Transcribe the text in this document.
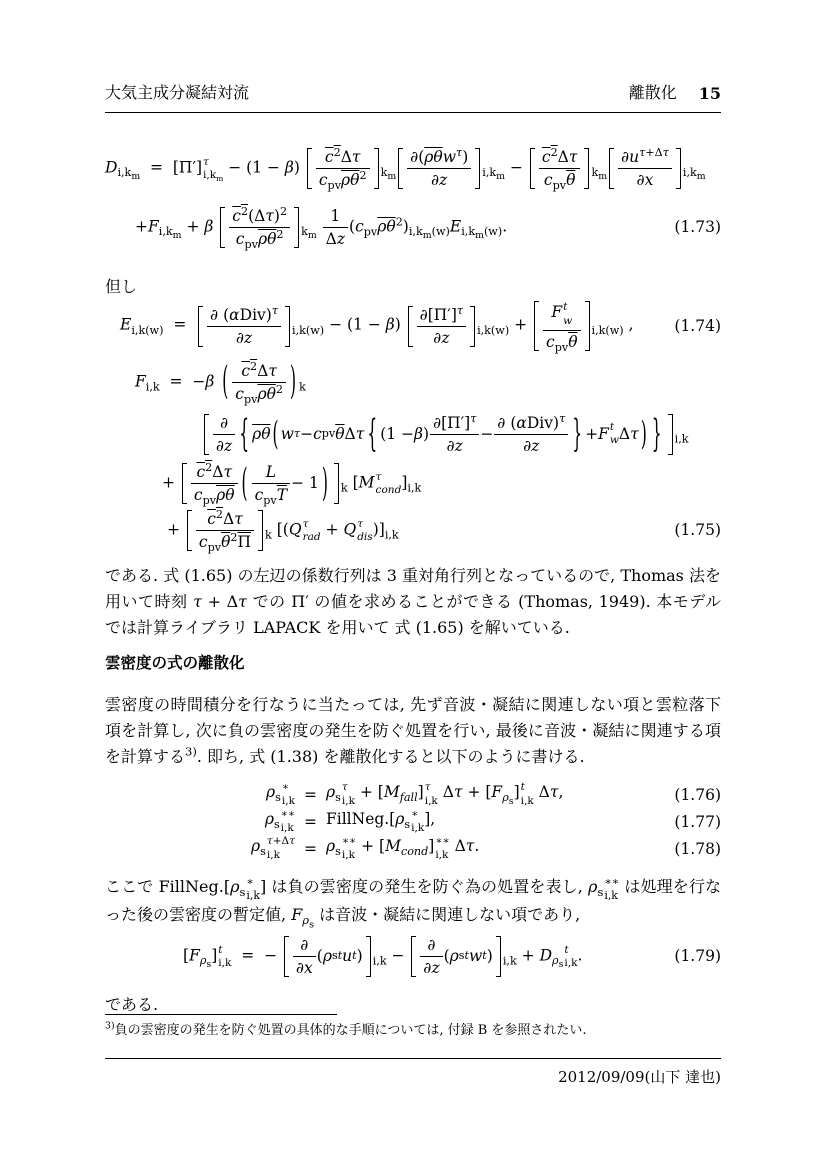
大気主成分凝結対流	離散化 15
$D_{i,k_m} = [\Pi']\tau$
$i,k_m - (1 - \beta)$
$c^2\Delta\tau$
$c_{pv}\overline{\rho}\overline{\theta}^2$ $_{k_m}$
$\partial(\overline{\rho}\overline{\theta}w^\tau)$
∂z	$_{i,k_m}$ −
$c^2\Delta\tau$
$c_{pv}\overline{\theta}$	$_{k_m}$
$\partial u^{\tau+\Delta\tau}$
∂x	$_{i,k_m}$
$+F_{i,k_m} + \beta$
$c^2(\Delta\tau)^2$
$c_{pv}\overline{\rho}\overline{\theta}^2$	$_{k_m} \frac{1}{\Delta z} (c_{pv}\overline{\rho}\overline{\theta}^2)_{i,k_m(w)}E_{i,k_m(w)}$.	(1.73)
但し
$E_{i,k(w)}$  =
∂ $(\alpha Div)^\tau$
∂z	$_{i,k(w)}$ − (1 − β)
$\partial[\Pi']^\tau$
∂z	$_{i,k(w)}$ +
Ft
w
$c_{pv}\overline{\theta}$
$_{i,k(w)}$ ,	(1.74)
$F_{i,k} = -\beta$ ( $c^2\Delta\tau$
$c_{pv}\overline{\rho}\overline{\theta}^2$ ) $_k$
∂
∂z { $\overline{\rho}$ $\overline{\theta}$ ( w τ − c pv $\overline{\theta}$ Δ τ { (1 − β )
$\partial[\Pi']^\tau$
∂z
−
∂ $(\alpha Div)^\tau$
∂z	} + F t
w Δ τ ) } $_{i,k}$
+
$c^2\Delta\tau$
$c_{pv}\overline{\rho}\overline{\theta}$ (	L
$c_{pv}\overline{T}$
− 1 ) $_k$ [Mτ
$cond]_{i,k}$
+
$c^2\Delta\tau$
$c_{pv}\overline{\theta}^2\overline{\Pi}$ $_k$ [(Qτ
rad + Qτ
$dis)]_{i,k}$	(1.75)
である. 式 (1.65) の左辺の係数行列は 3 重対角行列となっているので, Thomas 法を用いて時刻 τ + Δτ での Π′ の値を求めることができる (Thomas, 1949). 本モデルでは計算ライブラリ LAPACK を用いて 式 (1.65) を解いている.
雲密度の式の離散化
雲密度の時間積分を行なうに当たっては, 先ず音波・凝結に関連しない項と雲粒落下項を計算し, 次に負の雲密度の発生を防ぐ処置を行い, 最後に音波・凝結に関連する項を計算する$^{3)}$. 即ち, 式 (1.38) を離散化すると以下のように書ける.
$\rho_s∗$
$i,k = \rho_s\tau$
$i,k + [M_{fall}]\tau$
i,k $\Delta\tau + [F_{\rho_s}]t$
i,k Δτ,	(1.76)
$\rho_s∗∗$
$i,k = FillNeg.[\rho_s∗$
i,k],	(1.77)
$\rho_s\tau+\Delta\tau$
i,k	= $\rho_s∗∗$
$i,k + [M_{cond}]∗∗$
i,k Δτ.	(1.78)
ここで $FillNeg.[\rho_s∗$
i,k] は負の雲密度の発生を防ぐ為の処置を表し, $\rho_s∗∗$
i,k は処理を行なった後の雲密度の暫定値, $F_{\rho_s}$ は音波・凝結に関連しない項であり,
$[F_{\rho_s}]t$
i,k  =  −
∂
∂x
( ρ s t u t ) $_{i,k}$ −
∂
∂z
( ρ s t w t ) $_{i,k} + D_{\rho_s}t$
i,k.	(1.79)
である.
$^{3)}$負の雲密度の発生を防ぐ処置の具体的な手順については, 付録 B を参照されたい.
2012/09/09(山下 達也)
